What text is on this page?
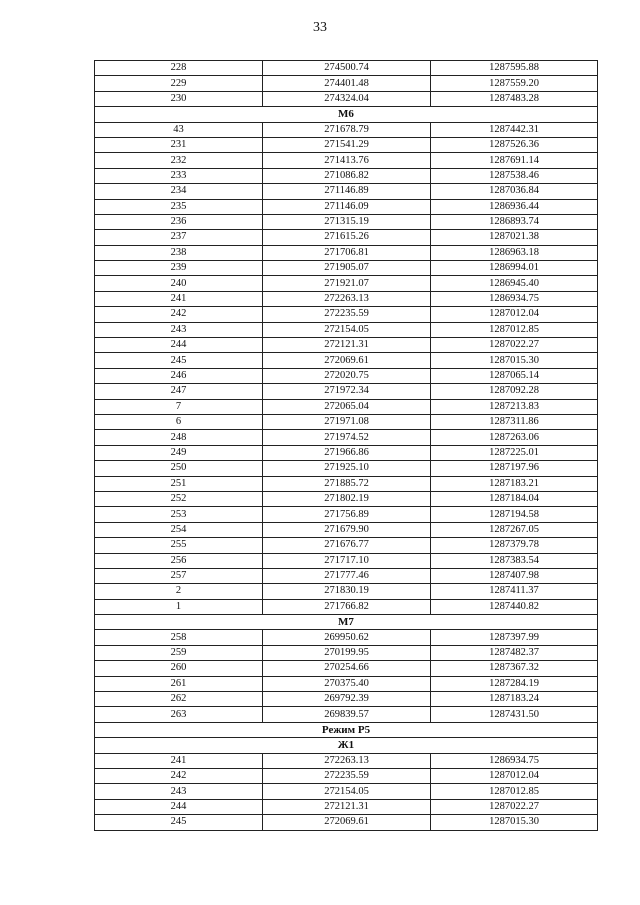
33
228	274500.74	1287595.88
229	274401.48	1287559.20
230	274324.04	1287483.28
M6		
43	271678.79	1287442.31
231	271541.29	1287526.36
232	271413.76	1287691.14
233	271086.82	1287538.46
234	271146.89	1287036.84
235	271146.09	1286936.44
236	271315.19	1286893.74
237	271615.26	1287021.38
238	271706.81	1286963.18
239	271905.07	1286994.01
240	271921.07	1286945.40
241	272263.13	1286934.75
242	272235.59	1287012.04
243	272154.05	1287012.85
244	272121.31	1287022.27
245	272069.61	1287015.30
246	272020.75	1287065.14
247	271972.34	1287092.28
7	272065.04	1287213.83
6	271971.08	1287311.86
248	271974.52	1287263.06
249	271966.86	1287225.01
250	271925.10	1287197.96
251	271885.72	1287183.21
252	271802.19	1287184.04
253	271756.89	1287194.58
254	271679.90	1287267.05
255	271676.77	1287379.78
256	271717.10	1287383.54
257	271777.46	1287407.98
2	271830.19	1287411.37
1	271766.82	1287440.82
M7		
258	269950.62	1287397.99
259	270199.95	1287482.37
260	270254.66	1287367.32
261	270375.40	1287284.19
262	269792.39	1287183.24
263	269839.57	1287431.50
Режим Р5		
Ж1		
241	272263.13	1286934.75
242	272235.59	1287012.04
243	272154.05	1287012.85
244	272121.31	1287022.27
245	272069.61	1287015.30
